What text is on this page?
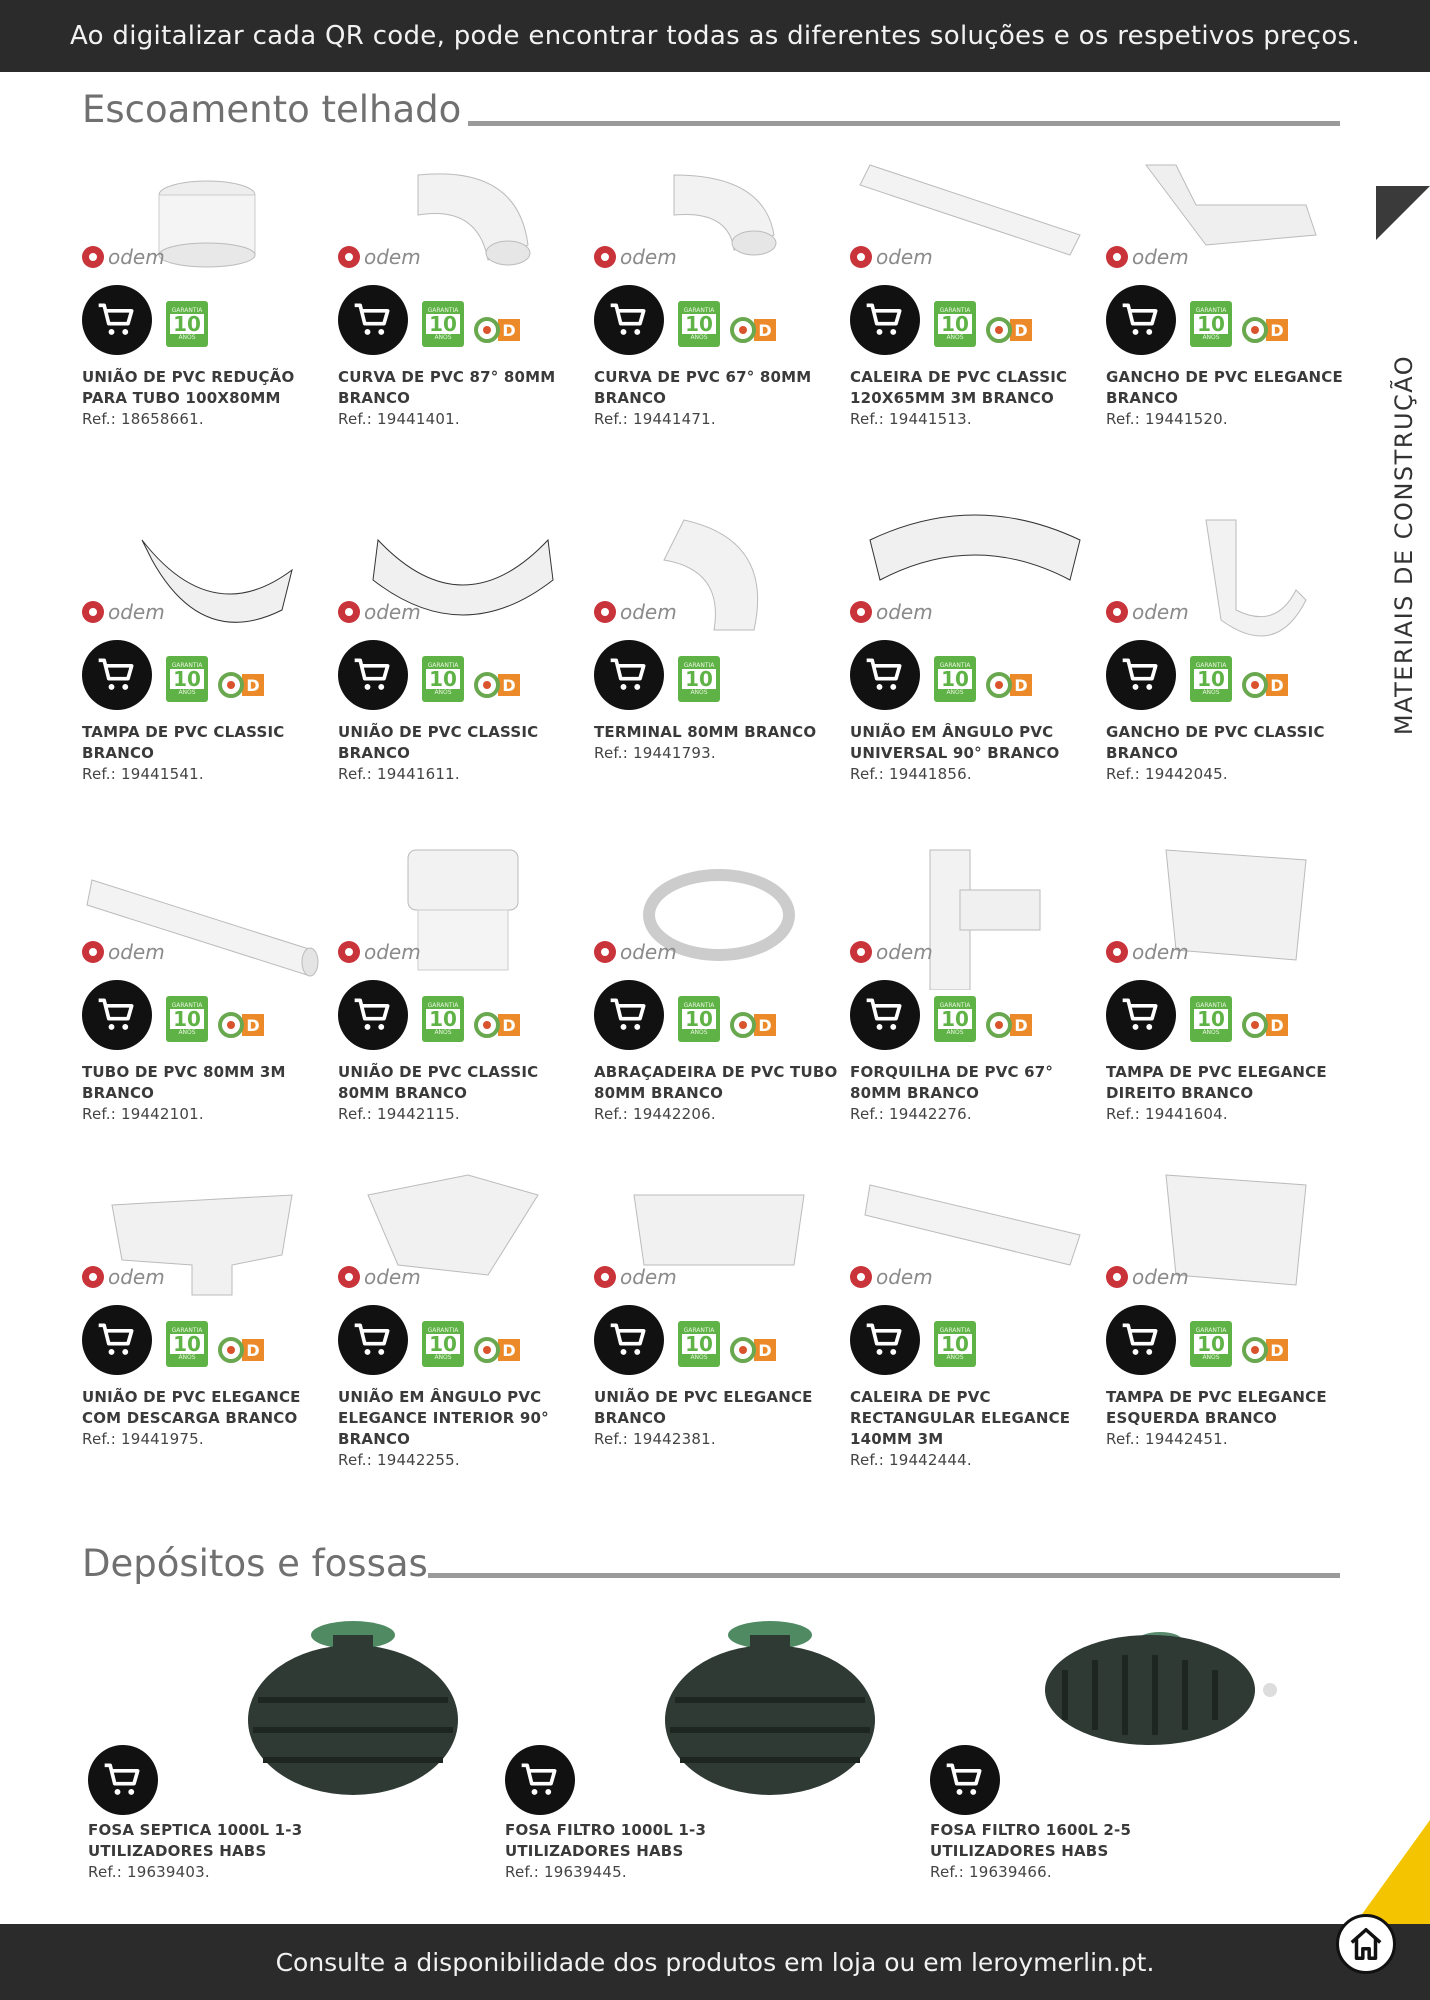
Ao digitalizar cada QR code, pode encontrar todas as diferentes soluções e os respetivos preços.
Escoamento telhado
Depósitos e fossas
MATERIAIS DE CONSTRUÇÃO
odem
GARANTIA
10
ANOS
UNIÃO DE PVC REDUÇÃO PARA TUBO 100X80MM
Ref.: 18658661.
odem
GARANTIA
10
ANOS	D
CURVA DE PVC 87° 80MM BRANCO
Ref.: 19441401.
odem
GARANTIA
10
ANOS	D
CURVA DE PVC 67° 80MM BRANCO
Ref.: 19441471.
odem
GARANTIA
10
ANOS	D
CALEIRA DE PVC CLASSIC 120X65MM 3M BRANCO
Ref.: 19441513.
odem
GARANTIA
10
ANOS	D
GANCHO DE PVC ELEGANCE BRANCO
Ref.: 19441520.
odem
GARANTIA
10
ANOS	D
TAMPA DE PVC CLASSIC BRANCO
Ref.: 19441541.
odem
GARANTIA
10
ANOS	D
UNIÃO DE PVC CLASSIC BRANCO
Ref.: 19441611.
odem
GARANTIA
10
ANOS
TERMINAL 80MM BRANCO
Ref.: 19441793.
odem
GARANTIA
10
ANOS	D
UNIÃO EM ÂNGULO PVC UNIVERSAL 90° BRANCO
Ref.: 19441856.
odem
GARANTIA
10
ANOS	D
GANCHO DE PVC CLASSIC BRANCO
Ref.: 19442045.
odem
GARANTIA
10
ANOS	D
TUBO DE PVC 80MM 3M BRANCO
Ref.: 19442101.
odem
GARANTIA
10
ANOS	D
UNIÃO DE PVC CLASSIC 80MM BRANCO
Ref.: 19442115.
odem
GARANTIA
10
ANOS	D
ABRAÇADEIRA DE PVC TUBO 80MM BRANCO
Ref.: 19442206.
odem
GARANTIA
10
ANOS	D
FORQUILHA DE PVC 67° 80MM BRANCO
Ref.: 19442276.
odem
GARANTIA
10
ANOS	D
TAMPA DE PVC ELEGANCE DIREITO BRANCO
Ref.: 19441604.
odem
GARANTIA
10
ANOS	D
UNIÃO DE PVC ELEGANCE COM DESCARGA BRANCO
Ref.: 19441975.
odem
GARANTIA
10
ANOS	D
UNIÃO EM ÂNGULO PVC ELEGANCE INTERIOR 90° BRANCO
Ref.: 19442255.
odem
GARANTIA
10
ANOS	D
UNIÃO DE PVC ELEGANCE BRANCO
Ref.: 19442381.
odem
GARANTIA
10
ANOS
CALEIRA DE PVC RECTANGULAR ELEGANCE 140MM 3M
Ref.: 19442444.
odem
GARANTIA
10
ANOS	D
TAMPA DE PVC ELEGANCE ESQUERDA BRANCO
Ref.: 19442451.
FOSA SEPTICA 1000L 1-3 UTILIZADORES HABS
Ref.: 19639403.
FOSA FILTRO 1000L 1-3 UTILIZADORES HABS
Ref.: 19639445.
FOSA FILTRO 1600L 2-5 UTILIZADORES HABS
Ref.: 19639466.
Consulte a disponibilidade dos produtos em loja ou em leroymerlin.pt.
